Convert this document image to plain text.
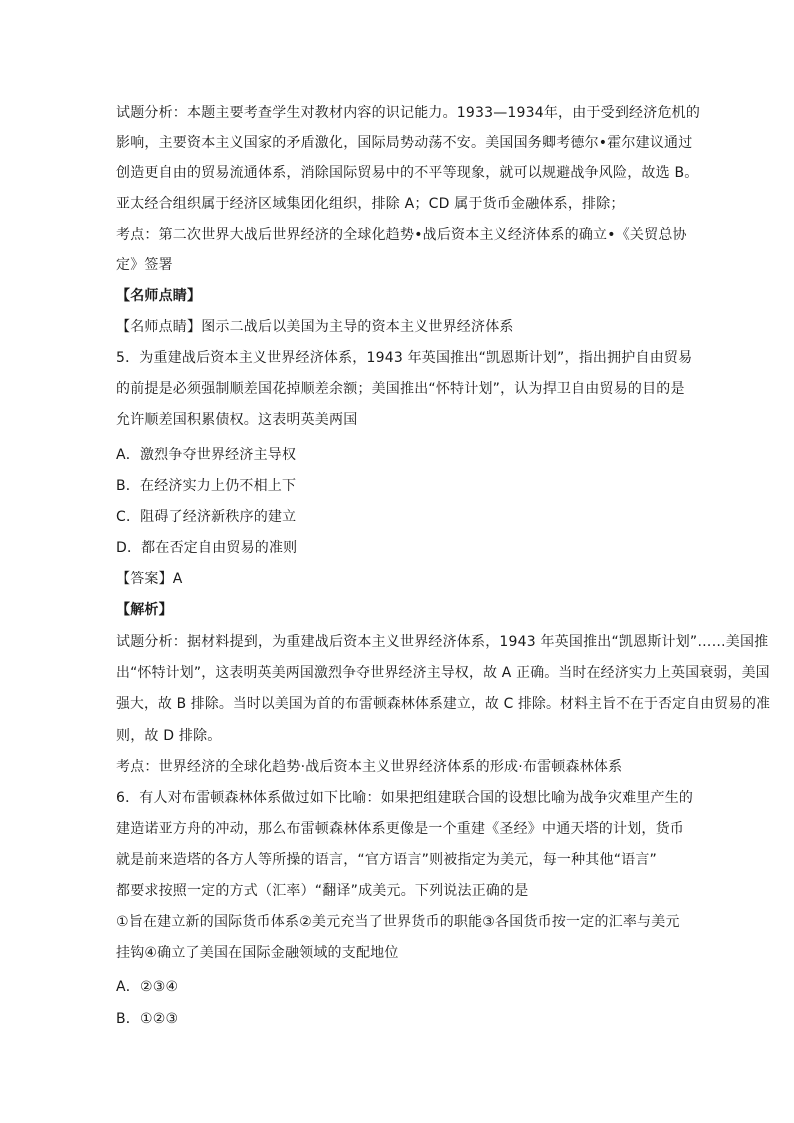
试题分析：本题主要考查学生对教材内容的识记能力。1933—1934年，由于受到经济危机的
影响，主要资本主义国家的矛盾激化，国际局势动荡不安。美国国务卿考德尔•霍尔建议通过
创造更自由的贸易流通体系，消除国际贸易中的不平等现象，就可以规避战争风险，故选 B。
亚太经合组织属于经济区域集团化组织，排除 A；CD 属于货币金融体系，排除；
考点：第二次世界大战后世界经济的全球化趋势•战后资本主义经济体系的确立•《关贸总协
定》签署
【名师点睛】
【名师点睛】图示二战后以美国为主导的资本主义世界经济体系
5．为重建战后资本主义世界经济体系，1943 年英国推出“凯恩斯计划”，指出拥护自由贸易
的前提是必须强制顺差国花掉顺差余额；美国推出“怀特计划”，认为捍卫自由贸易的目的是
允许顺差国积累债权。这表明英美两国
A．激烈争夺世界经济主导权
B．在经济实力上仍不相上下
C．阻碍了经济新秩序的建立
D．都在否定自由贸易的准则
【答案】A
【解析】
试题分析：据材料提到，为重建战后资本主义世界经济体系，1943 年英国推出“凯恩斯计划”……美国推
出“怀特计划”，这表明英美两国激烈争夺世界经济主导权，故 A 正确。当时在经济实力上英国衰弱，美国
强大，故 B 排除。当时以美国为首的布雷顿森林体系建立，故 C 排除。材料主旨不在于否定自由贸易的准
则，故 D 排除。
考点：世界经济的全球化趋势·战后资本主义世界经济体系的形成·布雷顿森林体系
6．有人对布雷顿森林体系做过如下比喻：如果把组建联合国的设想比喻为战争灾难里产生的
建造诺亚方舟的冲动，那么布雷顿森林体系更像是一个重建《圣经》中通天塔的计划，货币
就是前来造塔的各方人等所操的语言，“官方语言”则被指定为美元，每一种其他“语言”
都要求按照一定的方式（汇率）“翻译”成美元。下列说法正确的是
①旨在建立新的国际货币体系②美元充当了世界货币的职能③各国货币按一定的汇率与美元
挂钩④确立了美国在国际金融领域的支配地位
A．②③④
B．①②③
